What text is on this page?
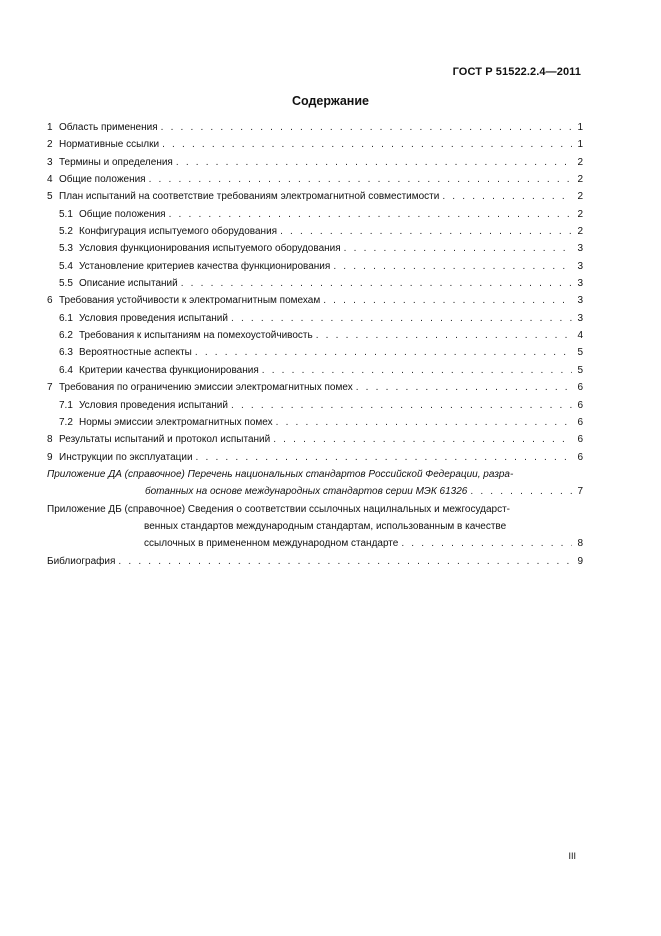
ГОСТ Р 51522.2.4—2011
Содержание
1 Область применения . . .	1
2 Нормативные ссылки . . .	1
3 Термины и определения . . .	2
4 Общие положения . . .	2
5 План испытаний на соответствие требованиям электромагнитной совместимости . . .	2
5.1 Общие положения . . .	2
5.2 Конфигурация испытуемого оборудования . . .	2
5.3 Условия функционирования испытуемого оборудования . . .	3
5.4 Установление критериев качества функционирования . . .	3
5.5 Описание испытаний . . .	3
6 Требования устойчивости к электромагнитным помехам . . .	3
6.1 Условия проведения испытаний . . .	3
6.2 Требования к испытаниям на помехоустойчивость . . .	4
6.3 Вероятностные аспекты . . .	5
6.4 Критерии качества функционирования . . .	5
7 Требования по ограничению эмиссии электромагнитных помех . . .	6
7.1 Условия проведения испытаний . . .	6
7.2 Нормы эмиссии электромагнитных помех . . .	6
8 Результаты испытаний и протокол испытаний . . .	6
9 Инструкции по эксплуатации . . .	6
Приложение ДА (справочное) Перечень национальных стандартов Российской Федерации, разра-
ботанных на основе международных стандартов серии МЭК 61326 . . .	7
Приложение ДБ (справочное) Сведения о соответствии ссылочных нацилнальных и межгосударст-
венных стандартов международным стандартам, использованным в качестве
ссылочных в примененном международном стандарте . . .	8
Библиография . . .	9
III
